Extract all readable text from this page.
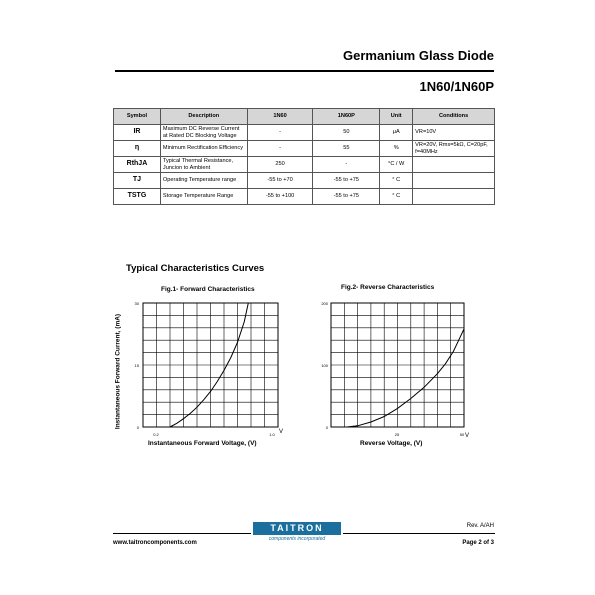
Germanium Glass Diode
1N60/1N60P
Symbol	Description	1N60	1N60P	Unit	Conditions
IR	Maximum DC Reverse Current at Rated DC Blocking Voltage	-	50	μA	VR=10V
η	Minimum Rectification Efficiency	-	55	%	VR=20V, Rms=5kΩ, C=20pF, f=40MHz
RthJA	Typical Thermal Resistance, Juncion to Ambient	250	-	°C / W	
TJ	Operating Temperature range	-55 to +70	-55 to +75	° C	
TSTG	Storage Temperature Range	-55 to +100	-55 to +75	° C	
Typical Characteristics Curves
Fig.1- Forward Characteristics	Fig.2- Reverse Characteristics
30
15
0
0.2	1.0 V
Instantaneous Forward Voltage, (V)
Instantaneous Forward Current, (mA)
200
100
0
25	50 V
Reverse Voltage, (V)
TAITRON
components incorporated
Rev. A/AH
www.taitroncomponents.com	Page 2 of 3
